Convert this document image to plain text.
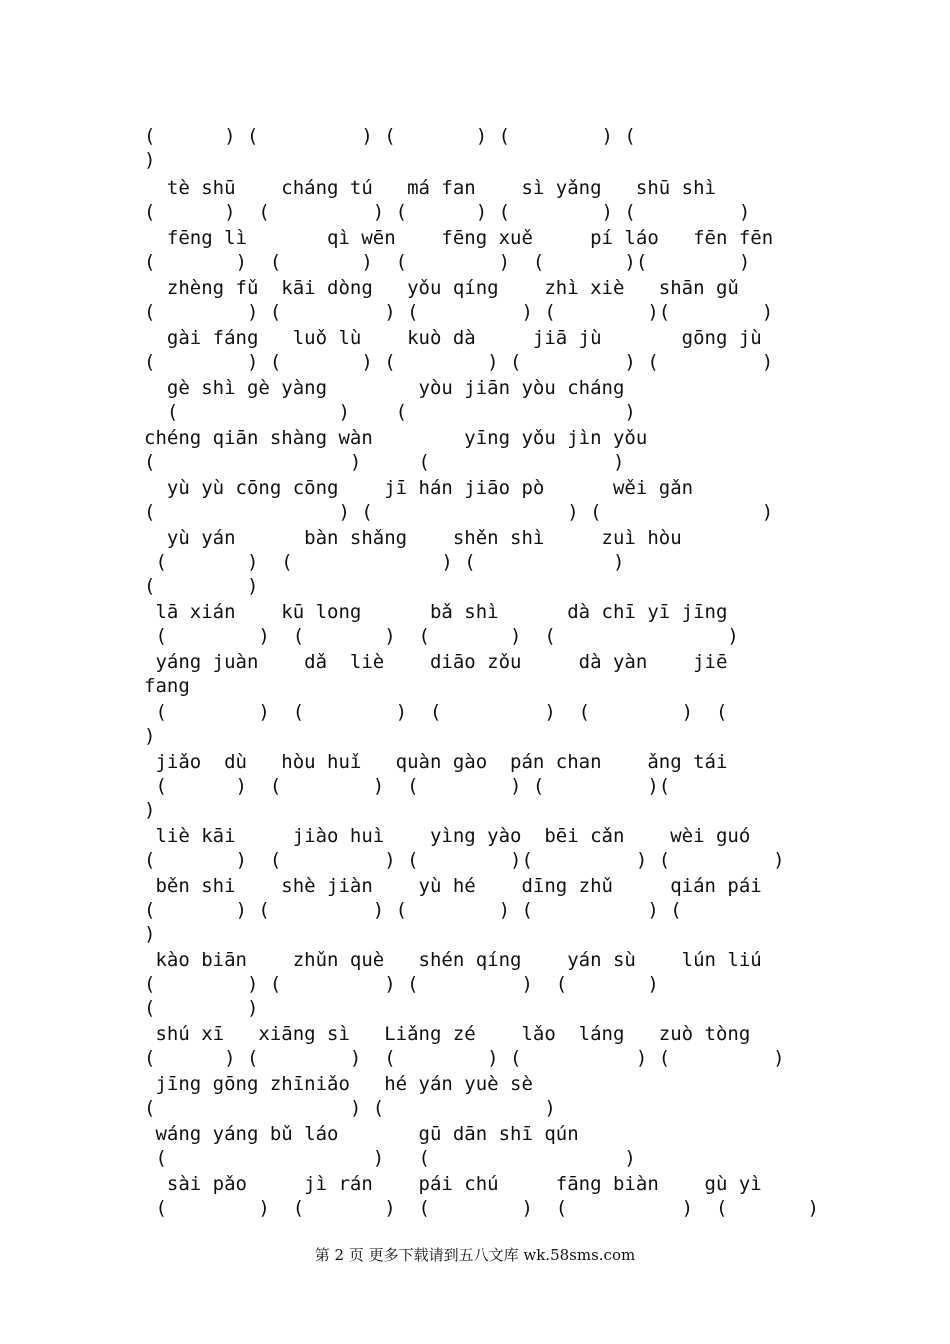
(      ) (         ) (       ) (        ) (
)
tè shū    cháng tú   má fan    sì yǎng   shū shì
(      )  (         ) (      ) (        ) (         )
fēng lì       qì wēn    fēng xuě     pí láo   fēn fēn
(       )  (       )  (        )  (       )(        )
zhèng fǔ  kāi dòng   yǒu qíng    zhì xiè   shān gǔ
(        ) (         ) (         ) (        )(        )
gài fáng   luǒ lù    kuò dà     jiā jù       gōng jù
(        ) (       ) (        ) (         ) (         )
gè shì gè yàng        yòu jiān yòu cháng
(              )    (                   )
chéng qiān shàng wàn        yīng yǒu jìn yǒu
(                 )     (                )
yù yù cōng cōng    jī hán jiāo pò      wěi gǎn
(                ) (                 ) (              )
yù yán      bàn shǎng    shěn shì     zuì hòu
(       )  (             ) (            )
(        )
lā xián    kū long      bǎ shì      dà chī yī jīng
(        )  (       )  (       )  (               )
yáng juàn    dǎ  liè    diāo zǒu     dà yàn    jiē
fang
(        )  (        )  (         )  (        )  (
)
jiǎo  dù   hòu huǐ   quàn gào  pán chan    ǎng tái
(      )  (        )  (        ) (         )(
)
liè kāi     jiào huì    yìng yào  bēi cǎn    wèi guó
(       )  (         ) (        )(         ) (         )
běn shi    shè jiàn    yù hé    dīng zhǔ     qián pái
(       ) (         ) (        ) (          ) (
)
kào biān    zhǔn què   shén qíng    yán sù    lún liú
(        ) (         ) (         )  (       )
(        )
shú xī   xiāng sì   Liǎng zé    lǎo  láng   zuò tòng
(      ) (        )  (        ) (          ) (         )
jīng gōng zhīniǎo   hé yán yuè sè
(                 ) (              )
wáng yáng bǔ láo       gū dān shī qún
(                  )   (                 )
sài pǎo     jì rán    pái chú     fāng biàn    gù yì
(        )  (       )  (        )  (          )  (       )
第 2 页 更多下载请到五八文库 wk.58sms.com
